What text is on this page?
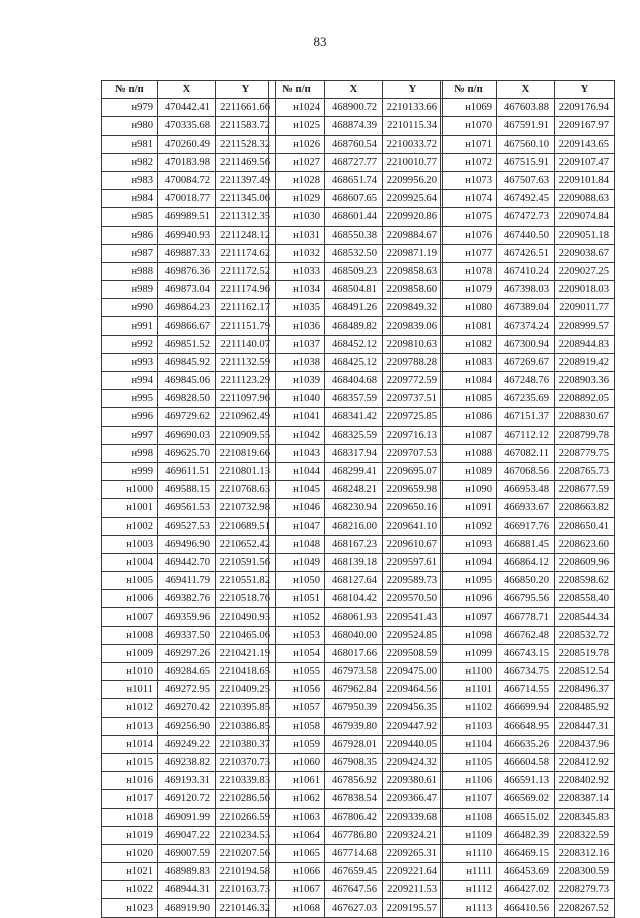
83
№ п/п	X	Y
н979	470442.41	2211661.66
н980	470335.68	2211583.72
н981	470260.49	2211528.32
н982	470183.98	2211469.56
н983	470084.72	2211397.49
н984	470018.77	2211345.06
н985	469989.51	2211312.35
н986	469940.93	2211248.12
н987	469887.33	2211174.62
н988	469876.36	2211172.52
н989	469873.04	2211174.96
н990	469864.23	2211162.17
н991	469866.67	2211151.79
н992	469851.52	2211140.07
н993	469845.92	2211132.59
н994	469845.06	2211123.29
н995	469828.50	2211097.96
н996	469729.62	2210962.49
н997	469690.03	2210909.55
н998	469625.70	2210819.66
н999	469611.51	2210801.13
н1000	469588.15	2210768.63
н1001	469561.53	2210732.98
н1002	469527.53	2210689.51
н1003	469496.90	2210652.42
н1004	469442.70	2210591.56
н1005	469411.79	2210551.82
н1006	469382.76	2210518.76
н1007	469359.96	2210490.93
н1008	469337.50	2210465.06
н1009	469297.26	2210421.19
н1010	469284.65	2210418.65
н1011	469272.95	2210409.25
н1012	469270.42	2210395.85
н1013	469256.90	2210386.85
н1014	469249.22	2210380.37
н1015	469238.82	2210370.73
н1016	469193.31	2210339.83
н1017	469120.72	2210286.56
н1018	469091.99	2210266.59
н1019	469047.22	2210234.53
н1020	469007.59	2210207.56
н1021	468989.83	2210194.58
н1022	468944.31	2210163.73
н1023	468919.90	2210146.32
№ п/п	X	Y
н1024	468900.72	2210133.66
н1025	468874.39	2210115.34
н1026	468760.54	2210033.72
н1027	468727.77	2210010.77
н1028	468651.74	2209956.20
н1029	468607.65	2209925.64
н1030	468601.44	2209920.86
н1031	468550.38	2209884.67
н1032	468532.50	2209871.19
н1033	468509.23	2209858.63
н1034	468504.81	2209858.60
н1035	468491.26	2209849.32
н1036	468489.82	2209839.06
н1037	468452.12	2209810.63
н1038	468425.12	2209788.28
н1039	468404.68	2209772.59
н1040	468357.59	2209737.51
н1041	468341.42	2209725.85
н1042	468325.59	2209716.13
н1043	468317.94	2209707.53
н1044	468299.41	2209695.07
н1045	468248.21	2209659.98
н1046	468230.94	2209650.16
н1047	468216.00	2209641.10
н1048	468167.23	2209610.67
н1049	468139.18	2209597.61
н1050	468127.64	2209589.73
н1051	468104.42	2209570.50
н1052	468061.93	2209541.43
н1053	468040.00	2209524.85
н1054	468017.66	2209508.59
н1055	467973.58	2209475.00
н1056	467962.84	2209464.56
н1057	467950.39	2209456.35
н1058	467939.80	2209447.92
н1059	467928.01	2209440.05
н1060	467908.35	2209424.32
н1061	467856.92	2209380.61
н1062	467838.54	2209366.47
н1063	467806.42	2209339.68
н1064	467786.80	2209324.21
н1065	467714.68	2209265.31
н1066	467659.45	2209221.64
н1067	467647.56	2209211.53
н1068	467627.03	2209195.57
№ п/п	X	Y
н1069	467603.88	2209176.94
н1070	467591.91	2209167.97
н1071	467560.10	2209143.65
н1072	467515.91	2209107.47
н1073	467507.63	2209101.84
н1074	467492.45	2209088.63
н1075	467472.73	2209074.84
н1076	467440.50	2209051.18
н1077	467426.51	2209038.67
н1078	467410.24	2209027.25
н1079	467398.03	2209018.03
н1080	467389.04	2209011.77
н1081	467374.24	2208999.57
н1082	467300.94	2208944.83
н1083	467269.67	2208919.42
н1084	467248.76	2208903.36
н1085	467235.69	2208892.05
н1086	467151.37	2208830.67
н1087	467112.12	2208799.78
н1088	467082.11	2208779.75
н1089	467068.56	2208765.73
н1090	466953.48	2208677.59
н1091	466933.67	2208663.82
н1092	466917.76	2208650.41
н1093	466881.45	2208623.60
н1094	466864.12	2208609.96
н1095	466850.20	2208598.62
н1096	466795.56	2208558.40
н1097	466778.71	2208544.34
н1098	466762.48	2208532.72
н1099	466743.15	2208519.78
н1100	466734.75	2208512.54
н1101	466714.55	2208496.37
н1102	466699.94	2208485.92
н1103	466648.95	2208447.31
н1104	466635.26	2208437.96
н1105	466604.58	2208412.92
н1106	466591.13	2208402.92
н1107	466569.02	2208387.14
н1108	466515.02	2208345.83
н1109	466482.39	2208322.59
н1110	466469.15	2208312.16
н1111	466453.69	2208300.59
н1112	466427.02	2208279.73
н1113	466410.56	2208267.52
